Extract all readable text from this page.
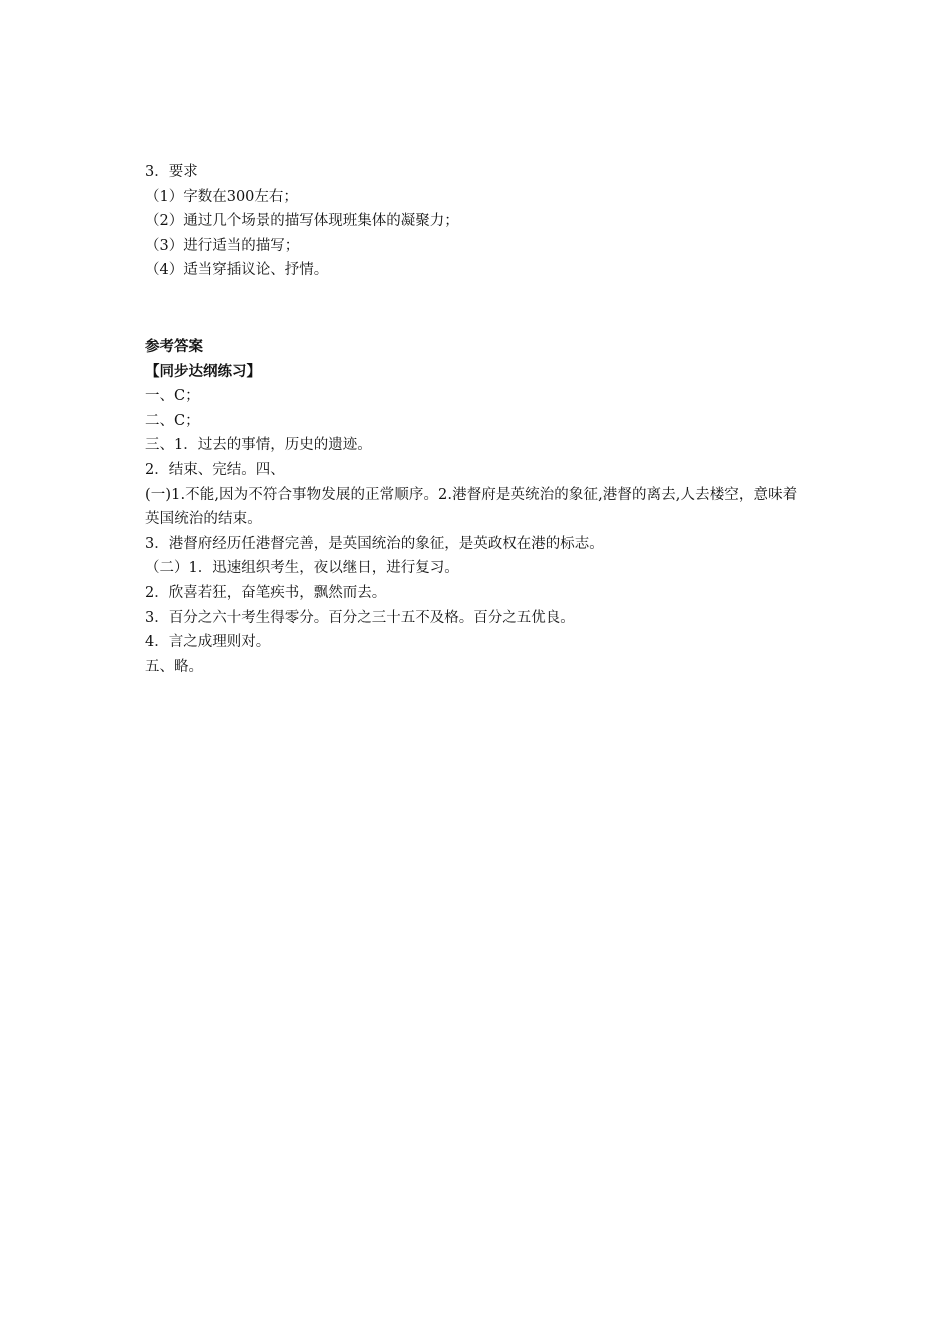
3．要求
（1）字数在300左右；
（2）通过几个场景的描写体现班集体的凝聚力；
（3）进行适当的描写；
（4）适当穿插议论、抒情。
参考答案
【同步达纲练习】
一、C；
二、C；
三、1．过去的事情，历史的遗迹。
2．结束、完结。四、
(一)1.不能,因为不符合事物发展的正常顺序。2.港督府是英统治的象征,港督的离去,人去楼空，意味着英国统治的结束。
3．港督府经历任港督完善，是英国统治的象征，是英政权在港的标志。
（二）1．迅速组织考生，夜以继日，进行复习。
2．欣喜若狂，奋笔疾书，飘然而去。
3．百分之六十考生得零分。百分之三十五不及格。百分之五优良。
4．言之成理则对。
五、略。
